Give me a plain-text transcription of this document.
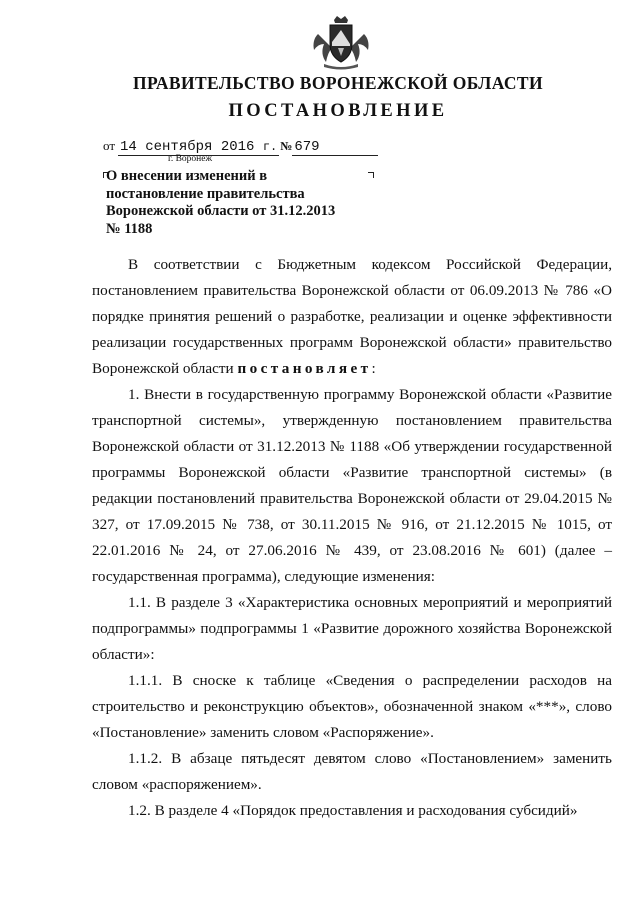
ПРАВИТЕЛЬСТВО ВОРОНЕЖСКОЙ ОБЛАСТИ
ПОСТАНОВЛЕНИЕ
от 14 сентября 2016 г. № 679
г. Воронеж
О внесении изменений в постановление правительства Воронежской области от 31.12.2013 № 1188

В соответствии с Бюджетным кодексом Российской Федерации, постановлением правительства Воронежской области от 06.09.2013 № 786 «О порядке принятия решений о разработке, реализации и оценке эффективности реализации государственных программ Воронежской области» правительство Воронежской области постановляет:

1. Внести в государственную программу Воронежской области «Развитие транспортной системы», утвержденную постановлением правительства Воронежской области от 31.12.2013 № 1188 «Об утверждении государственной программы Воронежской области «Развитие транспортной системы» (в редакции постановлений правительства Воронежской области от 29.04.2015 № 327, от 17.09.2015 № 738, от 30.11.2015 № 916, от 21.12.2015 № 1015, от 22.01.2016 № 24, от 27.06.2016 № 439, от 23.08.2016 № 601) (далее – государственная программа), следующие изменения:

1.1. В разделе 3 «Характеристика основных мероприятий и мероприятий подпрограммы» подпрограммы 1 «Развитие дорожного хозяйства Воронежской области»:

1.1.1. В сноске к таблице «Сведения о распределении расходов на строительство и реконструкцию объектов», обозначенной знаком «***», слово «Постановление» заменить словом «Распоряжение».

1.1.2. В абзаце пятьдесят девятом слово «Постановлением» заменить словом «распоряжением».

1.2. В разделе 4 «Порядок предоставления и расходования субсидий»
